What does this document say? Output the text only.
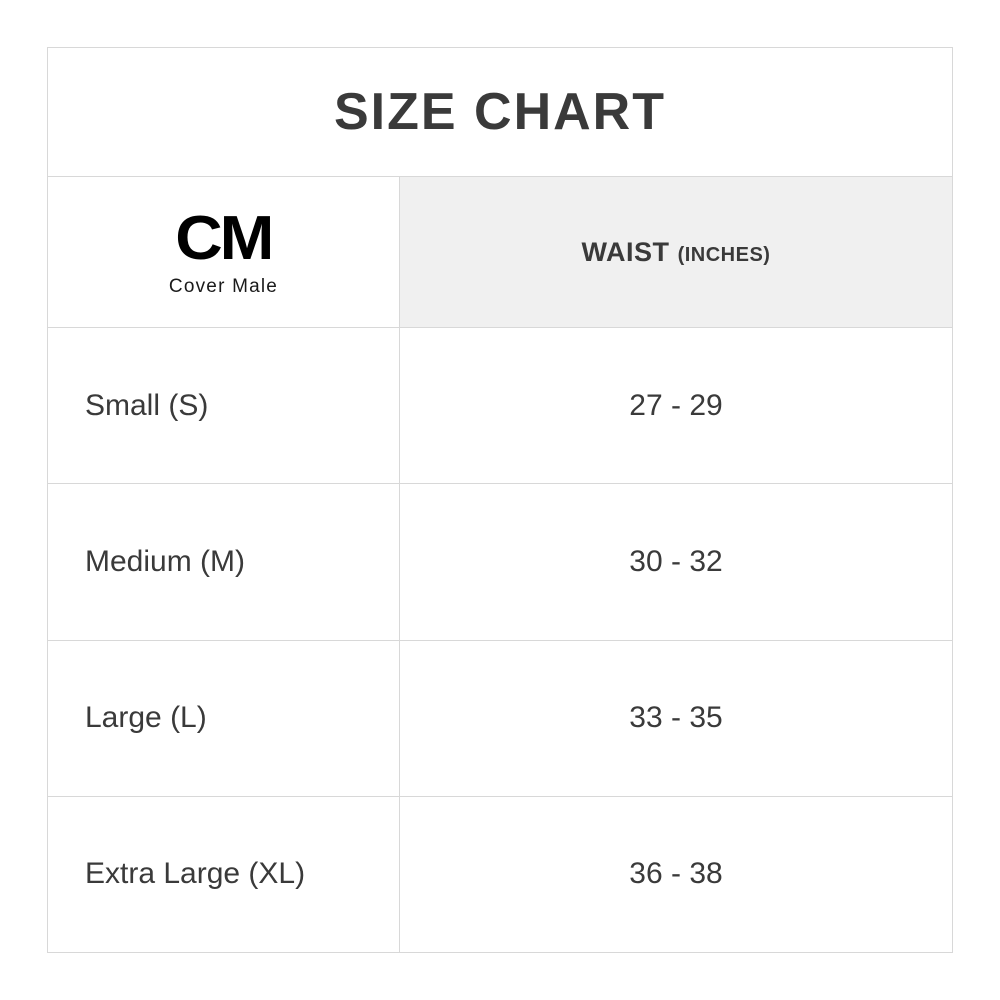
SIZE CHART
CM
Cover Male
WAIST (INCHES)
Small (S)	27 - 29
Medium (M)	30 - 32
Large (L)	33 - 35
Extra Large (XL)	36 - 38
